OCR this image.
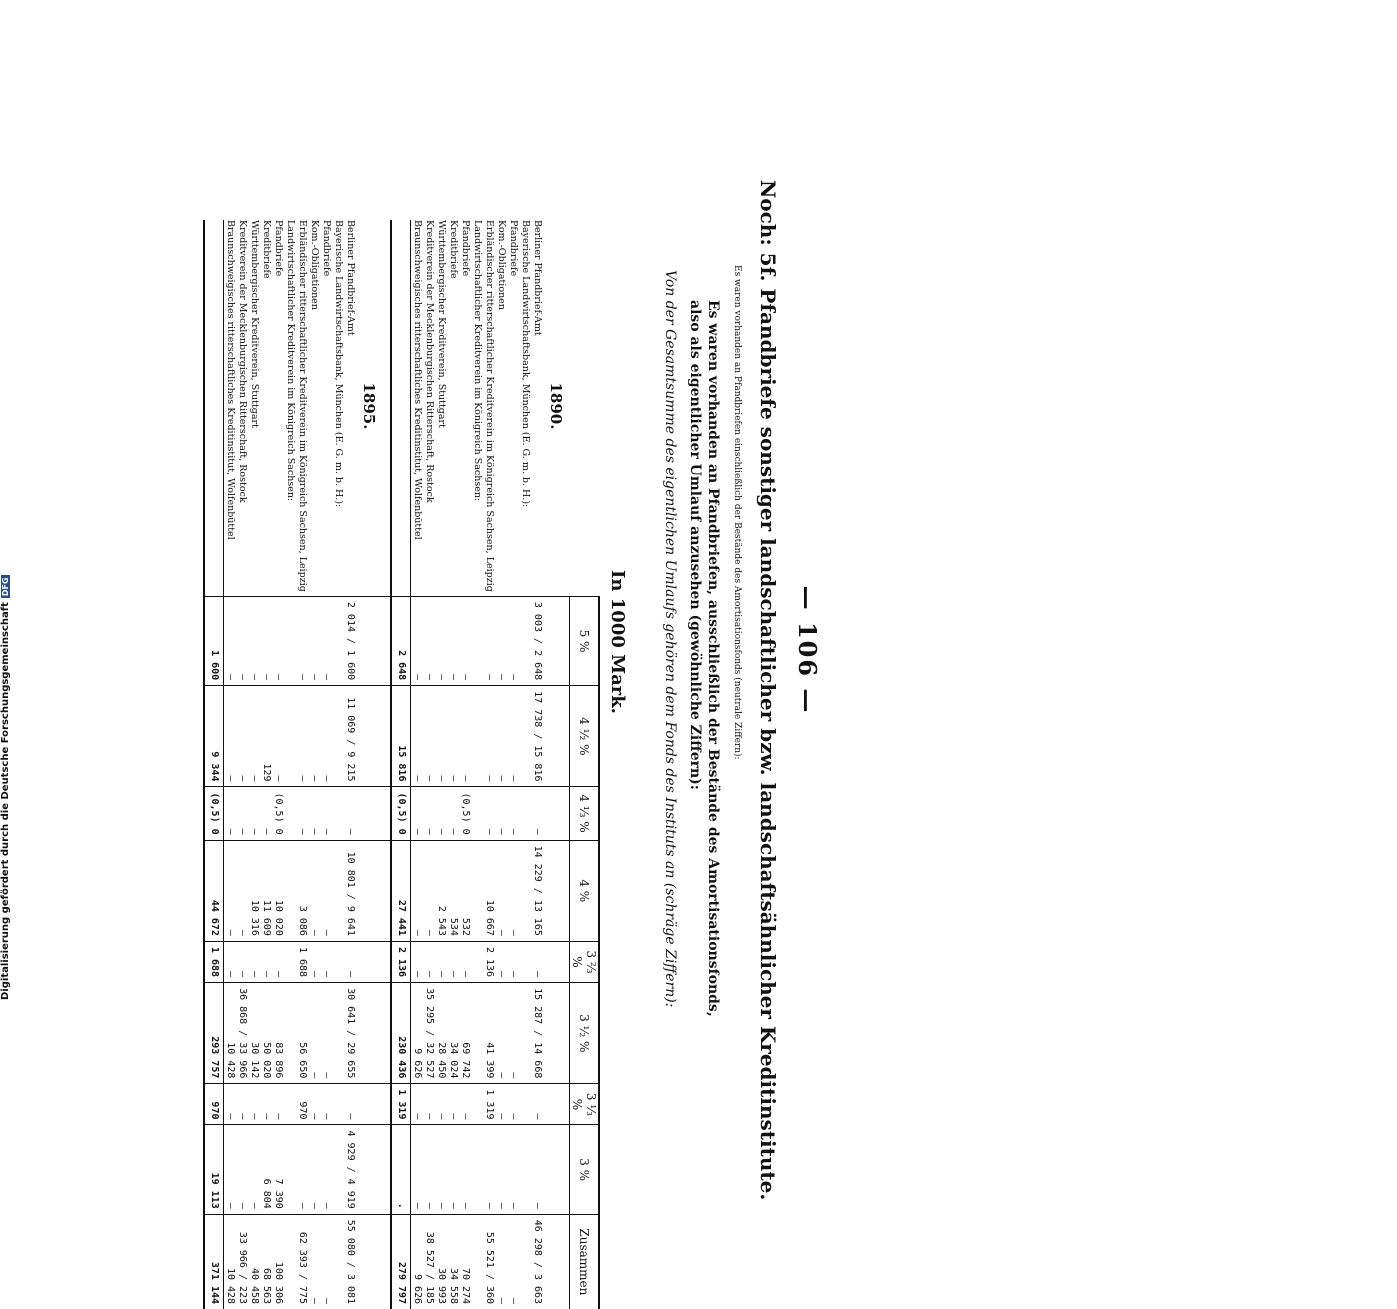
— 106 —
Noch: 5f. Pfandbriefe sonstiger landschaftlicher bzw. landschaftsähnlicher Kreditinstitute.
Es waren vorhanden an Pfandbriefen einschließlich der Bestände des Amortisationsfonds (neutrale Ziffern):
Es waren vorhanden an Pfandbriefen, ausschließlich der Bestände des Amortisationsfonds, also als eigentlicher Umlauf anzusehen (gewöhnliche Ziffern):
Von der Gesamtsumme des eigentlichen Umlaufs gehören dem Fonds des Instituts an (schräge Ziffern):
In 1000 Mark.
	5 %	4 ½ %	4 ⅓ %	4 %	3 ⅔ %	3 ½ %	3 ⅓ %	3 %	Zusammen
1890.									
Berliner Pfandbrief-Amt	3 003 / 2 648	17 738 / 15 816	—	14 229 / 13 165	—	15 287 / 14 668	—	—	46 298 / 3 663
Bayerische Landwirtschaftsbank, München (E. G. m. b. H.):									
Pfandbriefe	—	—	—	—	—	—	—	—	—
Kom.-Obligationen	—	—	—	—	—	—	—	—	—
Erbländischer ritterschaftlicher Kreditverein im Königreich Sachsen, Leipzig	—	—	—	10 667	2 136	41 399	1 319	—	55 521 / 360
Landwirtschaftlicher Kreditverein im Königreich Sachsen:									
Pfandbriefe	—	—	(0,5) 0	532	—	69 742	—	—	70 274
Kreditbriefe	—	—	—	534	—	34 024	—	—	34 558
Württembergischer Kreditverein, Stuttgart	—	—	—	2 543	—	28 450	—	—	30 993
Kreditverein der Mecklenburgischen Ritterschaft, Rostock	—	—	—	—	—	35 295 / 32 527	—	—	38 527 / 185
Braunschweigisches ritterschaftliches Kreditinstitut, Wolfenbüttel	—	—	—	—	—	9 626	—	—	9 626
	2 648	15 816	(0,5) 0	27 441	2 136	230 436	1 319	.	279 797

1895.									
Berliner Pfandbrief-Amt	2 014 / 1 600	11 069 / 9 215	—	10 801 / 9 641	—	30 641 / 29 655	—	4 929 / 4 919	55 080 / 3 081
Bayerische Landwirtschaftsbank, München (E. G. m. b. H.):									
Pfandbriefe	—	—	—	—	—	—	—	—	—
Kom.-Obligationen	—	—	—	—	—	—	—	—	—
Erbländischer ritterschaftlicher Kreditverein im Königreich Sachsen, Leipzig	—	—	—	3 086	1 688	56 650	970	—	62 393 / 775
Landwirtschaftlicher Kreditverein im Königreich Sachsen:									
Pfandbriefe	—	—	(0,5) 0	10 020	—	83 896	—	7 390	100 306
Kreditbriefe	—	129	—	11 609	—	50 020	—	6 804	68 563
Württembergischer Kreditverein, Stuttgart	—	—	—	10 316	—	30 142	—	—	40 458
Kreditverein der Mecklenburgischen Ritterschaft, Rostock	—	—	—	—	—	36 868 / 33 966	—	—	33 966 / 223
Braunschweigisches ritterschaftliches Kreditinstitut, Wolfenbüttel	—	—	—	—	—	10 428	—	—	10 428
	1 600	9 344	(0,5) 0	44 672	1 688	293 757	970	19 113	371 144
Digitalisierung gefördert durch die Deutsche ForschungsgemeinschaftDFG
